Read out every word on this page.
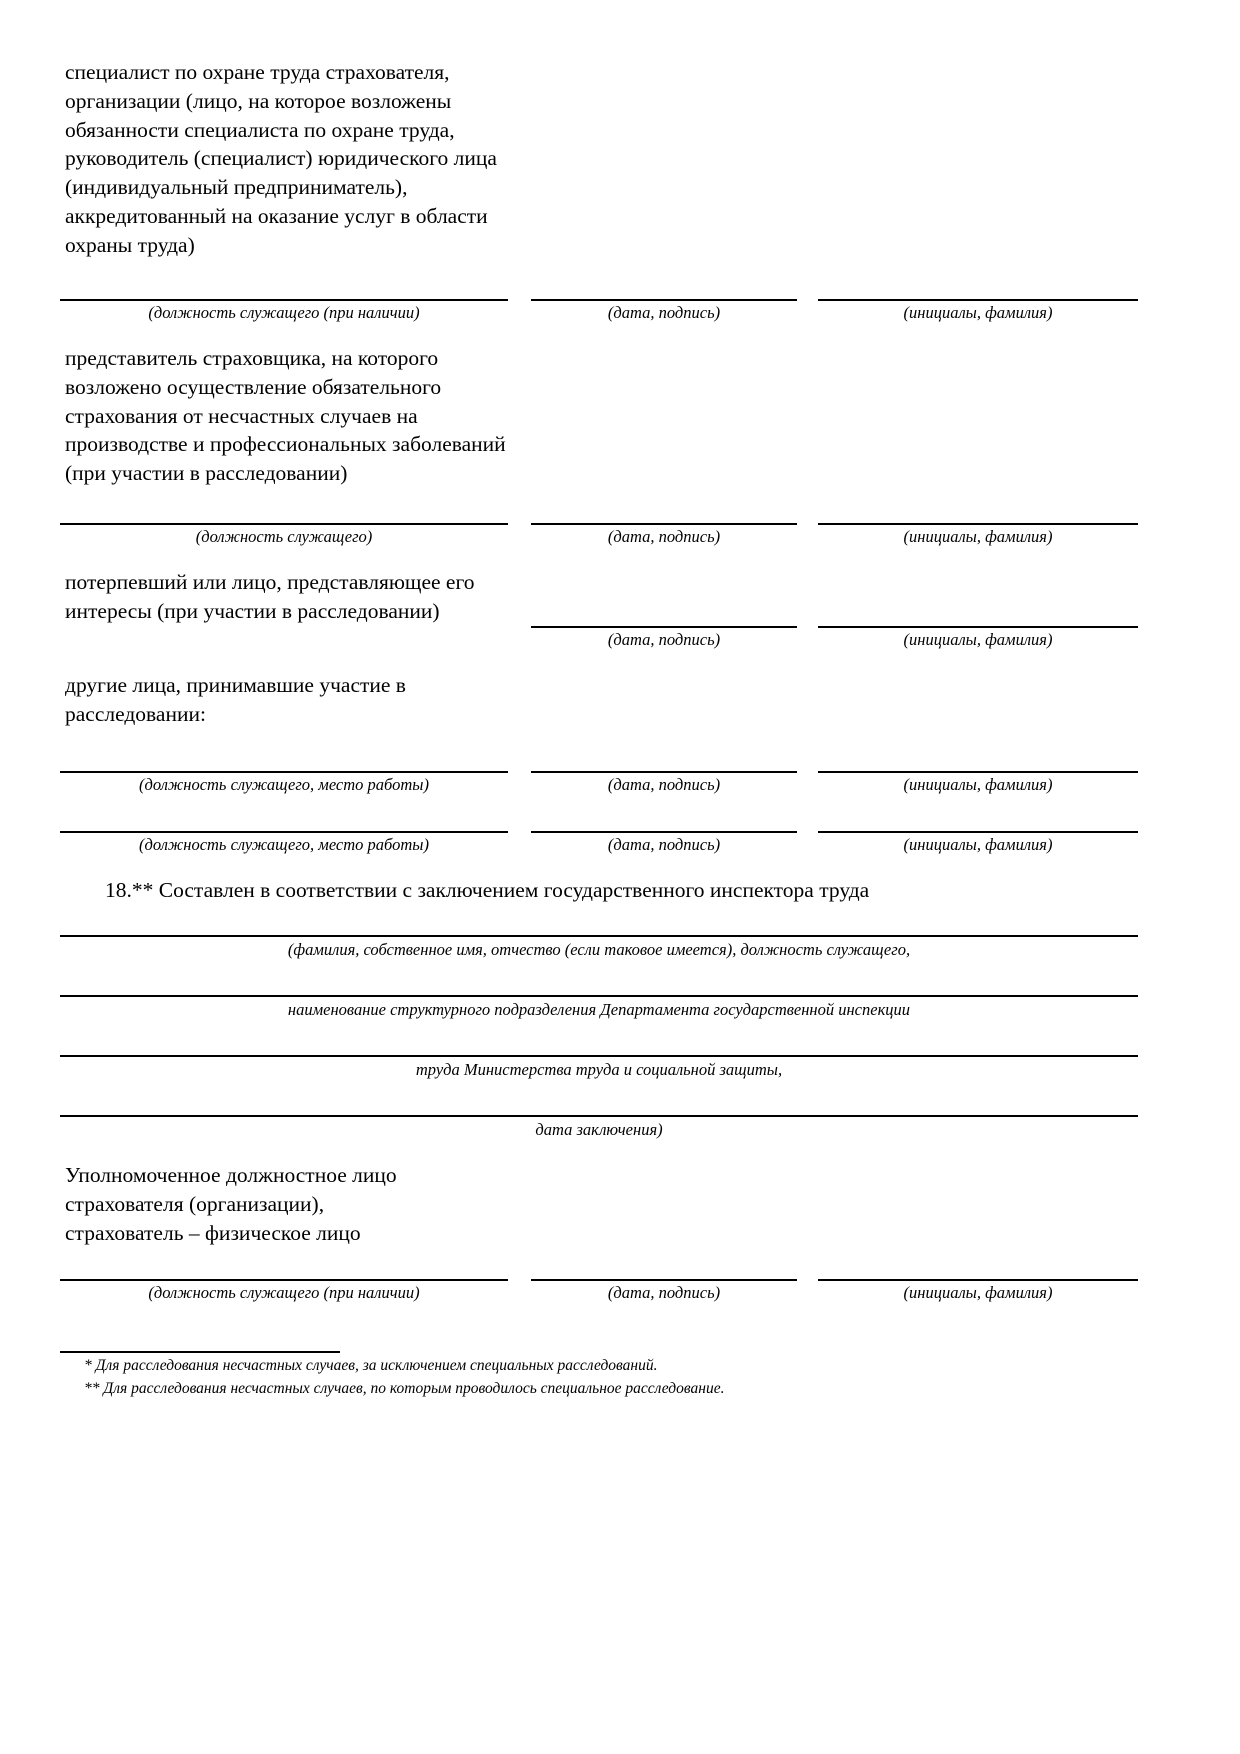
специалист по охране труда страхователя,
организации (лицо, на которое возложены
обязанности специалиста по охране труда,
руководитель (специалист) юридического лица
(индивидуальный предприниматель),
аккредитованный на оказание услуг в области
охраны труда)

(должность служащего (при наличии)	(дата, подпись)	(инициалы, фамилия)

представитель страховщика, на которого
возложено осуществление обязательного
страхования от несчастных случаев на
производстве и профессиональных заболеваний
(при участии в расследовании)

(должность служащего)	(дата, подпись)	(инициалы, фамилия)

потерпевший или лицо, представляющее его
интересы (при участии в расследовании)

(дата, подпись)	(инициалы, фамилия)

другие лица, принимавшие участие в
расследовании:

(должность служащего, место работы)	(дата, подпись)	(инициалы, фамилия)
(должность служащего, место работы)	(дата, подпись)	(инициалы, фамилия)
18.** Составлен в соответствии с заключением государственного инспектора труда
(фамилия, собственное имя, отчество (если таковое имеется), должность служащего,
наименование структурного подразделения Департамента государственной инспекции
труда Министерства труда и социальной защиты,
дата заключения)

Уполномоченное должностное лицо
страхователя (организации),
страхователь – физическое лицо

(должность служащего (при наличии)	(дата, подпись)	(инициалы, фамилия)
* Для расследования несчастных случаев, за исключением специальных расследований.
** Для расследования несчастных случаев, по которым проводилось специальное расследование.
